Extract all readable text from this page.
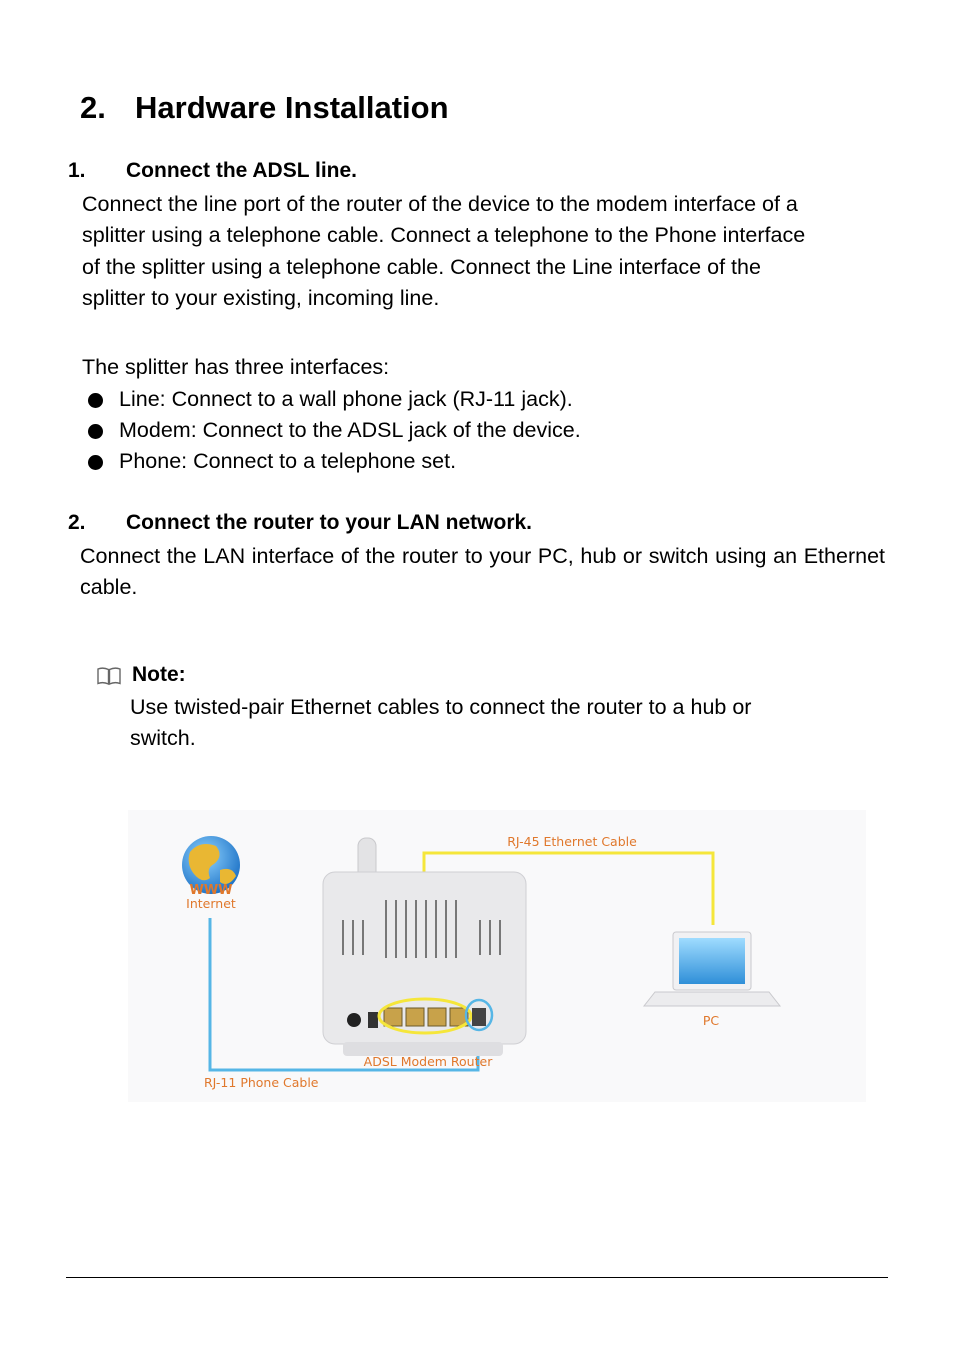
2. Hardware Installation
1. Connect the ADSL line.
Connect the line port of the router of the device to the modem interface of a
splitter using a telephone cable. Connect a telephone to the Phone interface
of the splitter using a telephone cable. Connect the Line interface of the
splitter to your existing, incoming line.
The splitter has three interfaces:
Line: Connect to a wall phone jack (RJ-11 jack).
Modem: Connect to the ADSL jack of the device.
Phone: Connect to a telephone set.
2. Connect the router to your LAN network.
Connect the LAN interface of the router to your PC, hub or switch using an Ethernet cable.
Note:
Use twisted-pair Ethernet cables to connect the router to a hub or
switch.
WWW
Internet
RJ-45 Ethernet Cable
ADSL Modem Router
PC
RJ-11 Phone Cable
